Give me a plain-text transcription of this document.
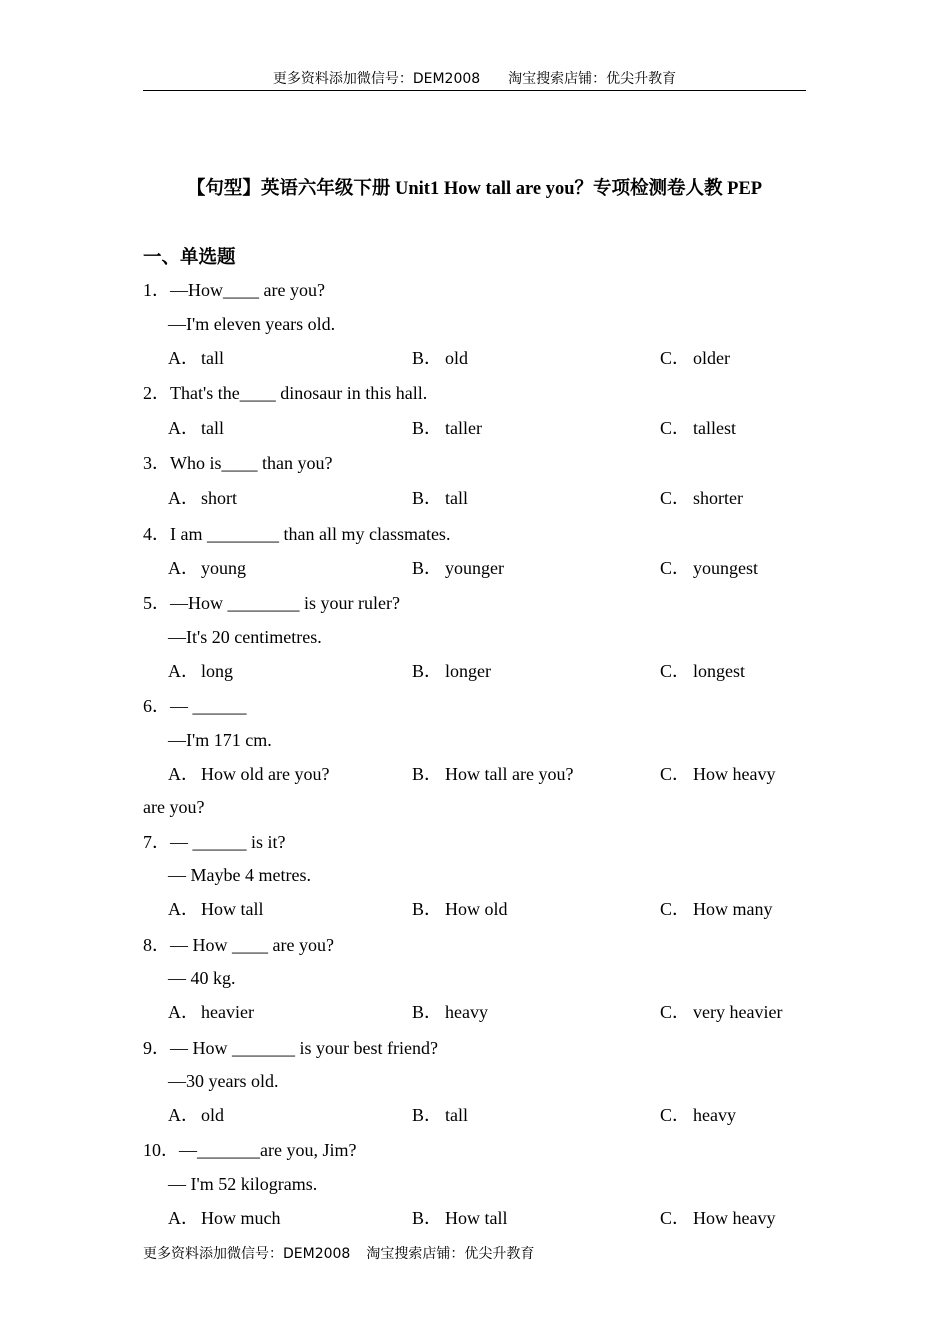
更多资料添加微信号：DEM2008 淘宝搜索店铺：优尖升教育
【句型】英语六年级下册 Unit1 How tall are you？专项检测卷人教 PEP
一、单选题
1．—How____ are you?
—I'm eleven years old.
A． tall	B． old	C． older
2．That's the____ dinosaur in this hall.
A． tall	B． taller	C． tallest
3．Who is____ than you?
A． short	B． tall	C． shorter
4．I am ________ than all my classmates.
A． young	B． younger	C． youngest
5．—How ________ is your ruler?
—It's 20 centimetres.
A． long	B． longer	C． longest
6．— ______
—I'm 171 cm.
A． How old are you?	B． How tall are you?	C． How heavy
are you?
7．— ______ is it?
— Maybe 4 metres.
A． How tall	B． How old	C． How many
8．— How ____ are you?
— 40 kg.
A． heavier	B． heavy	C． very heavier
9．— How _______ is your best friend?
—30 years old.
A． old	B． tall	C． heavy
10．—_______are you, Jim?
— I'm 52 kilograms.
A． How much	B． How tall	C． How heavy
更多资料添加微信号：DEM2008 淘宝搜索店铺：优尖升教育
